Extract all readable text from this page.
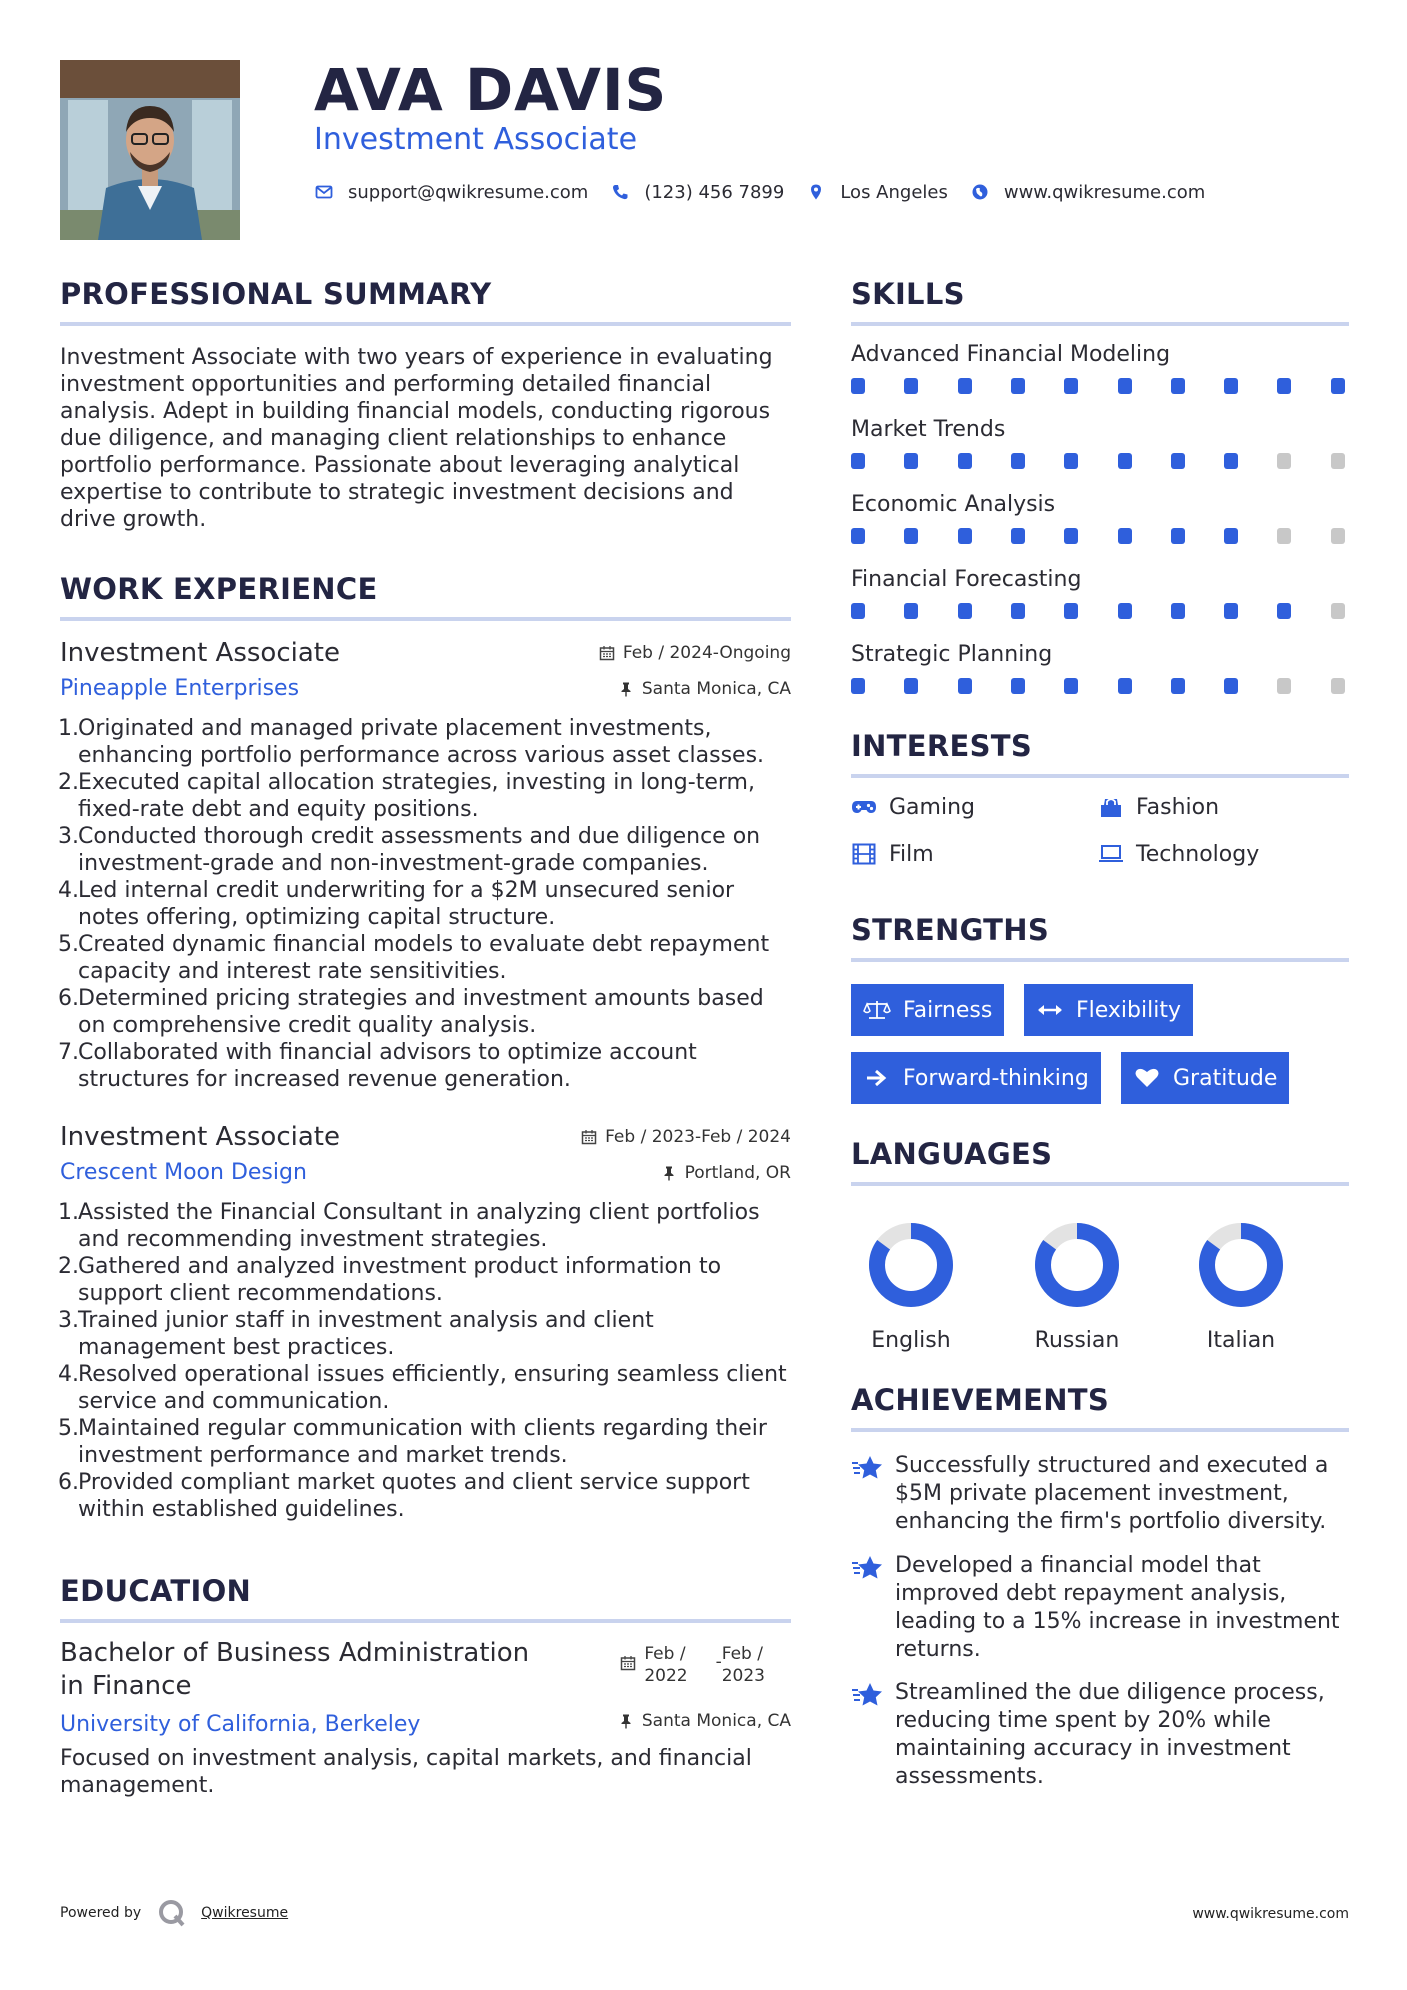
AVA DAVIS
Investment Associate
support@qwikresume.com	(123) 456 7899	Los Angeles	www.qwikresume.com
PROFESSIONAL SUMMARY
Investment Associate with two years of experience in evaluating
investment opportunities and performing detailed financial
analysis. Adept in building financial models, conducting rigorous
due diligence, and managing client relationships to enhance
portfolio performance. Passionate about leveraging analytical
expertise to contribute to strategic investment decisions and
drive growth.
WORK EXPERIENCE
Investment Associate	Feb / 2024-Ongoing
Pineapple Enterprises	Santa Monica, CA
1. Originated and managed private placement investments,
enhancing portfolio performance across various asset classes.
2. Executed capital allocation strategies, investing in long-term,
fixed-rate debt and equity positions.
3. Conducted thorough credit assessments and due diligence on
investment-grade and non-investment-grade companies.
4. Led internal credit underwriting for a $2M unsecured senior
notes offering, optimizing capital structure.
5. Created dynamic financial models to evaluate debt repayment
capacity and interest rate sensitivities.
6. Determined pricing strategies and investment amounts based
on comprehensive credit quality analysis.
7. Collaborated with financial advisors to optimize account
structures for increased revenue generation.
Investment Associate	Feb / 2023-Feb / 2024
Crescent Moon Design	Portland, OR
1. Assisted the Financial Consultant in analyzing client portfolios
and recommending investment strategies.
2. Gathered and analyzed investment product information to
support client recommendations.
3. Trained junior staff in investment analysis and client
management best practices.
4. Resolved operational issues efficiently, ensuring seamless client
service and communication.
5. Maintained regular communication with clients regarding their
investment performance and market trends.
6. Provided compliant market quotes and client service support
within established guidelines.
EDUCATION
Bachelor of Business Administration
in Finance
Feb /
2022
- Feb /
2023
University of California, Berkeley	Santa Monica, CA
Focused on investment analysis, capital markets, and financial
management.
SKILLS
Advanced Financial Modeling
Market Trends
Economic Analysis
Financial Forecasting
Strategic Planning
INTERESTS
Gaming	Fashion
Film	Technology
STRENGTHS
Fairness	Flexibility
Forward-thinking	Gratitude
LANGUAGES
English	Russian	Italian
ACHIEVEMENTS
Successfully structured and executed a
$5M private placement investment,
enhancing the firm's portfolio diversity.
Developed a financial model that
improved debt repayment analysis,
leading to a 15% increase in investment
returns.
Streamlined the due diligence process,
reducing time spent by 20% while
maintaining accuracy in investment
assessments.
Powered by	Qwikresume	www.qwikresume.com
